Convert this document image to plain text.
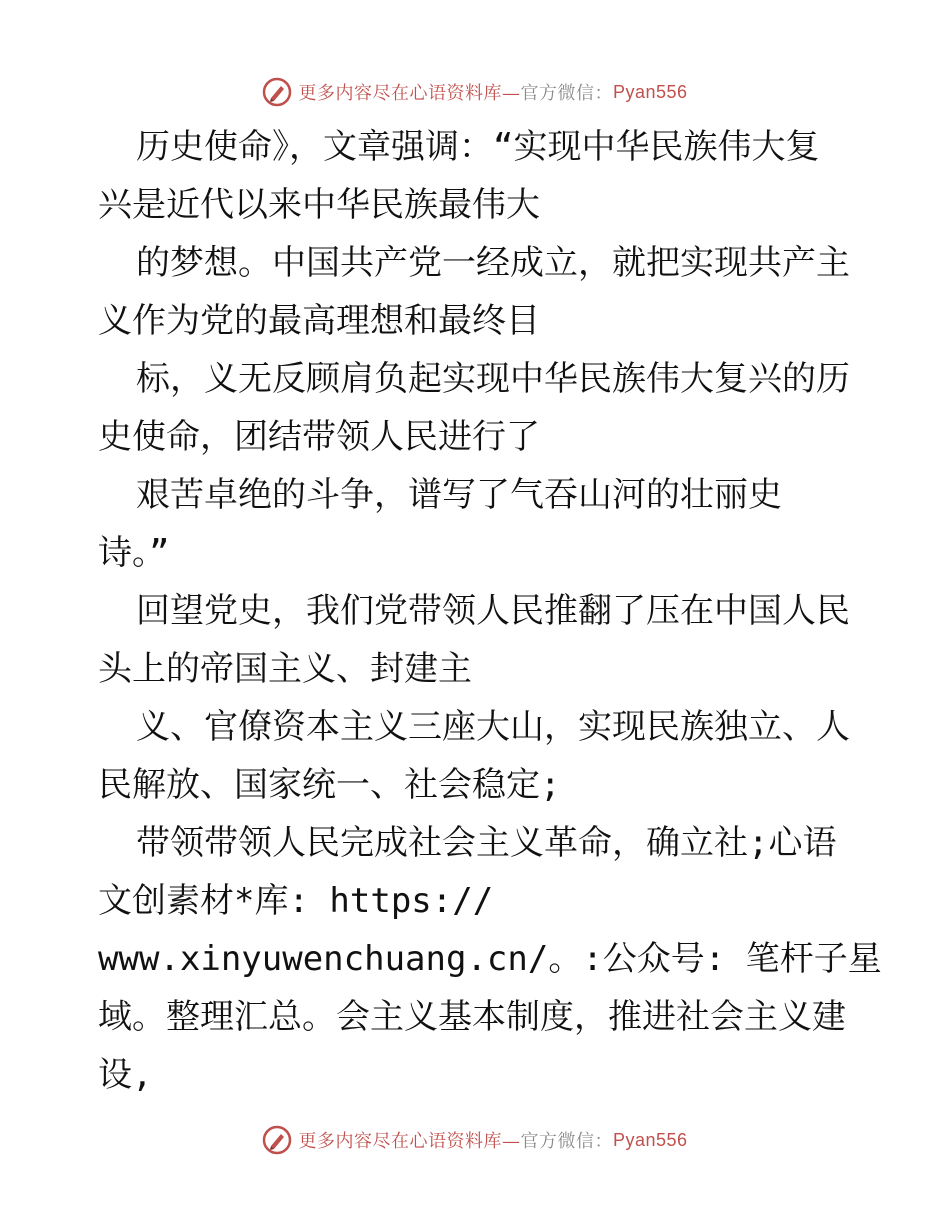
更多内容尽在心语资料库— 官方微信： Pyan556
历史使命》，文章强调：“实现中华民族伟大复
兴是近代以来中华民族最伟大
的梦想。中国共产党一经成立，就把实现共产主
义作为党的最高理想和最终目
标，义无反顾肩负起实现中华民族伟大复兴的历
史使命，团结带领人民进行了
艰苦卓绝的斗争，谱写了气吞山河的壮丽史
诗。”
回望党史，我们党带领人民推翻了压在中国人民
头上的帝国主义、封建主
义、官僚资本主义三座大山，实现民族独立、人
民解放、国家统一、社会稳定;
带领带领人民完成社会主义革命，确立社;心语
文创素材*库: https://
www.xinyuwenchuang.cn/。:公众号: 笔杆子星
域。整理汇总。会主义基本制度，推进社会主义建
设,
更多内容尽在心语资料库— 官方微信： Pyan556
